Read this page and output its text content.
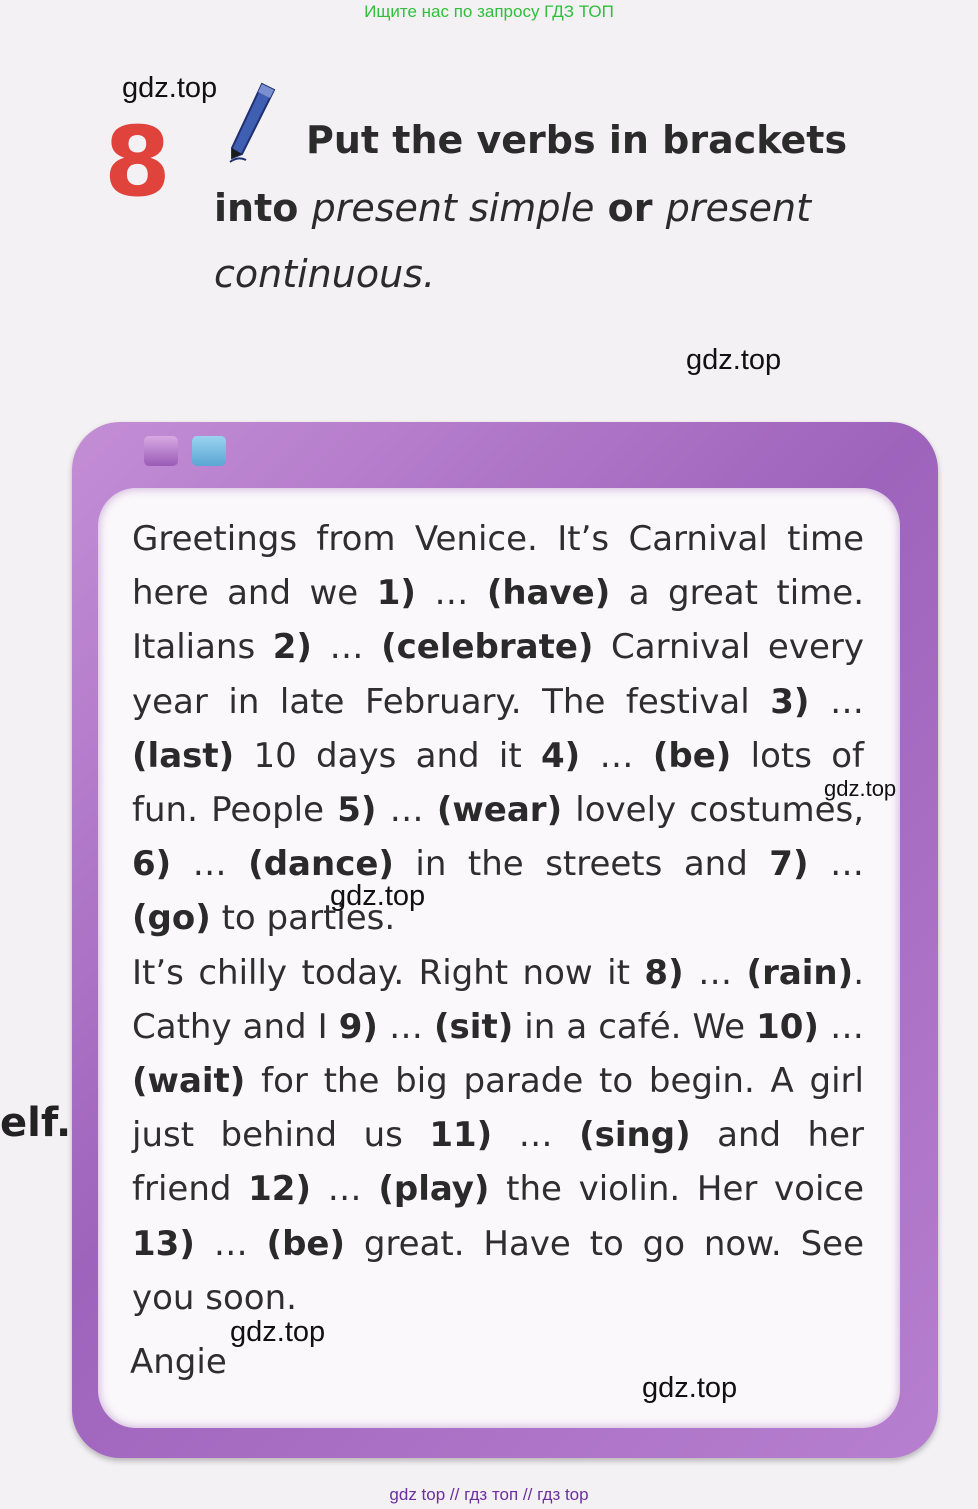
Ищите нас по запросу ГДЗ ТОП
gdz.top
gdz.top
8	Put the verbs in brackets
into present simple or present
continuous.

Greetings from Venice. It’s Carnival time here and we 1) … (have) a great time. Italians 2) … (celebrate) Carnival every year in late February. The festival 3) … (last) 10 days and it 4) … (be) lots of fun. People 5) … (wear) lovely costumes, 6) … (dance) in the streets and 7) … (go) to parties.

It’s chilly today. Right now it 8) … (rain). Cathy and I 9) … (sit) in a café. We 10) … (wait) for the big parade to begin. A girl just behind us 11) … (sing) and her friend 12) … (play) the violin. Her voice 13) … (be) great. Have to go now. See you soon.

Angie
gdz.top
gdz.top
gdz.top
gdz.top
elf.
gdz top // гдз топ // гдз top
